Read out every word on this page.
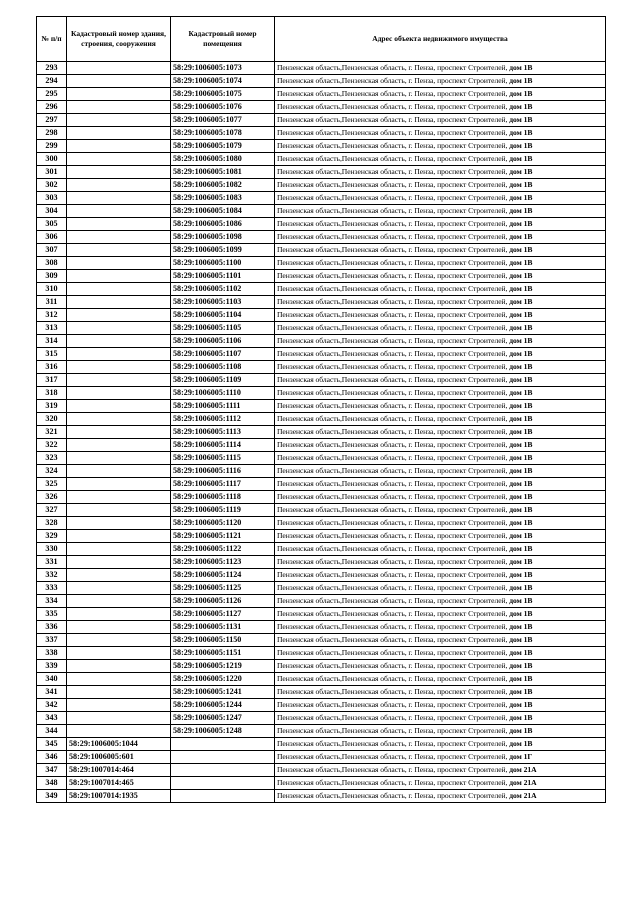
№ п/п	Кадастровый номер здания, строения, сооружения	Кадастровый номер помещения	Адрес объекта недвижимого имущества
293		58:29:1006005:1073	Пензенская область,Пензенская область, г. Пенза, проспект Строителей, дом 1В
294		58:29:1006005:1074	Пензенская область,Пензенская область, г. Пенза, проспект Строителей, дом 1В
295		58:29:1006005:1075	Пензенская область,Пензенская область, г. Пенза, проспект Строителей, дом 1В
296		58:29:1006005:1076	Пензенская область,Пензенская область, г. Пенза, проспект Строителей, дом 1В
297		58:29:1006005:1077	Пензенская область,Пензенская область, г. Пенза, проспект Строителей, дом 1В
298		58:29:1006005:1078	Пензенская область,Пензенская область, г. Пенза, проспект Строителей, дом 1В
299		58:29:1006005:1079	Пензенская область,Пензенская область, г. Пенза, проспект Строителей, дом 1В
300		58:29:1006005:1080	Пензенская область,Пензенская область, г. Пенза, проспект Строителей, дом 1В
301		58:29:1006005:1081	Пензенская область,Пензенская область, г. Пенза, проспект Строителей, дом 1В
302		58:29:1006005:1082	Пензенская область,Пензенская область, г. Пенза, проспект Строителей, дом 1В
303		58:29:1006005:1083	Пензенская область,Пензенская область, г. Пенза, проспект Строителей, дом 1В
304		58:29:1006005:1084	Пензенская область,Пензенская область, г. Пенза, проспект Строителей, дом 1В
305		58:29:1006005:1086	Пензенская область,Пензенская область, г. Пенза, проспект Строителей, дом 1В
306		58:29:1006005:1098	Пензенская область,Пензенская область, г. Пенза, проспект Строителей, дом 1В
307		58:29:1006005:1099	Пензенская область,Пензенская область, г. Пенза, проспект Строителей, дом 1В
308		58:29:1006005:1100	Пензенская область,Пензенская область, г. Пенза, проспект Строителей, дом 1В
309		58:29:1006005:1101	Пензенская область,Пензенская область, г. Пенза, проспект Строителей, дом 1В
310		58:29:1006005:1102	Пензенская область,Пензенская область, г. Пенза, проспект Строителей, дом 1В
311		58:29:1006005:1103	Пензенская область,Пензенская область, г. Пенза, проспект Строителей, дом 1В
312		58:29:1006005:1104	Пензенская область,Пензенская область, г. Пенза, проспект Строителей, дом 1В
313		58:29:1006005:1105	Пензенская область,Пензенская область, г. Пенза, проспект Строителей, дом 1В
314		58:29:1006005:1106	Пензенская область,Пензенская область, г. Пенза, проспект Строителей, дом 1В
315		58:29:1006005:1107	Пензенская область,Пензенская область, г. Пенза, проспект Строителей, дом 1В
316		58:29:1006005:1108	Пензенская область,Пензенская область, г. Пенза, проспект Строителей, дом 1В
317		58:29:1006005:1109	Пензенская область,Пензенская область, г. Пенза, проспект Строителей, дом 1В
318		58:29:1006005:1110	Пензенская область,Пензенская область, г. Пенза, проспект Строителей, дом 1В
319		58:29:1006005:1111	Пензенская область,Пензенская область, г. Пенза, проспект Строителей, дом 1В
320		58:29:1006005:1112	Пензенская область,Пензенская область, г. Пенза, проспект Строителей, дом 1В
321		58:29:1006005:1113	Пензенская область,Пензенская область, г. Пенза, проспект Строителей, дом 1В
322		58:29:1006005:1114	Пензенская область,Пензенская область, г. Пенза, проспект Строителей, дом 1В
323		58:29:1006005:1115	Пензенская область,Пензенская область, г. Пенза, проспект Строителей, дом 1В
324		58:29:1006005:1116	Пензенская область,Пензенская область, г. Пенза, проспект Строителей, дом 1В
325		58:29:1006005:1117	Пензенская область,Пензенская область, г. Пенза, проспект Строителей, дом 1В
326		58:29:1006005:1118	Пензенская область,Пензенская область, г. Пенза, проспект Строителей, дом 1В
327		58:29:1006005:1119	Пензенская область,Пензенская область, г. Пенза, проспект Строителей, дом 1В
328		58:29:1006005:1120	Пензенская область,Пензенская область, г. Пенза, проспект Строителей, дом 1В
329		58:29:1006005:1121	Пензенская область,Пензенская область, г. Пенза, проспект Строителей, дом 1В
330		58:29:1006005:1122	Пензенская область,Пензенская область, г. Пенза, проспект Строителей, дом 1В
331		58:29:1006005:1123	Пензенская область,Пензенская область, г. Пенза, проспект Строителей, дом 1В
332		58:29:1006005:1124	Пензенская область,Пензенская область, г. Пенза, проспект Строителей, дом 1В
333		58:29:1006005:1125	Пензенская область,Пензенская область, г. Пенза, проспект Строителей, дом 1В
334		58:29:1006005:1126	Пензенская область,Пензенская область, г. Пенза, проспект Строителей, дом 1В
335		58:29:1006005:1127	Пензенская область,Пензенская область, г. Пенза, проспект Строителей, дом 1В
336		58:29:1006005:1131	Пензенская область,Пензенская область, г. Пенза, проспект Строителей, дом 1В
337		58:29:1006005:1150	Пензенская область,Пензенская область, г. Пенза, проспект Строителей, дом 1В
338		58:29:1006005:1151	Пензенская область,Пензенская область, г. Пенза, проспект Строителей, дом 1В
339		58:29:1006005:1219	Пензенская область,Пензенская область, г. Пенза, проспект Строителей, дом 1В
340		58:29:1006005:1220	Пензенская область,Пензенская область, г. Пенза, проспект Строителей, дом 1В
341		58:29:1006005:1241	Пензенская область,Пензенская область, г. Пенза, проспект Строителей, дом 1В
342		58:29:1006005:1244	Пензенская область,Пензенская область, г. Пенза, проспект Строителей, дом 1В
343		58:29:1006005:1247	Пензенская область,Пензенская область, г. Пенза, проспект Строителей, дом 1В
344		58:29:1006005:1248	Пензенская область,Пензенская область, г. Пенза, проспект Строителей, дом 1В
345	58:29:1006005:1044		Пензенская область,Пензенская область, г. Пенза, проспект Строителей, дом 1В
346	58:29:1006005:601		Пензенская область,Пензенская область, г. Пенза, проспект Строителей, дом 1Г
347	58:29:1007014:464		Пензенская область,Пензенская область, г. Пенза, проспект Строителей, дом 21А
348	58:29:1007014:465		Пензенская область,Пензенская область, г. Пенза, проспект Строителей, дом 21А
349	58:29:1007014:1935		Пензенская область,Пензенская область, г. Пенза, проспект Строителей, дом 21А
